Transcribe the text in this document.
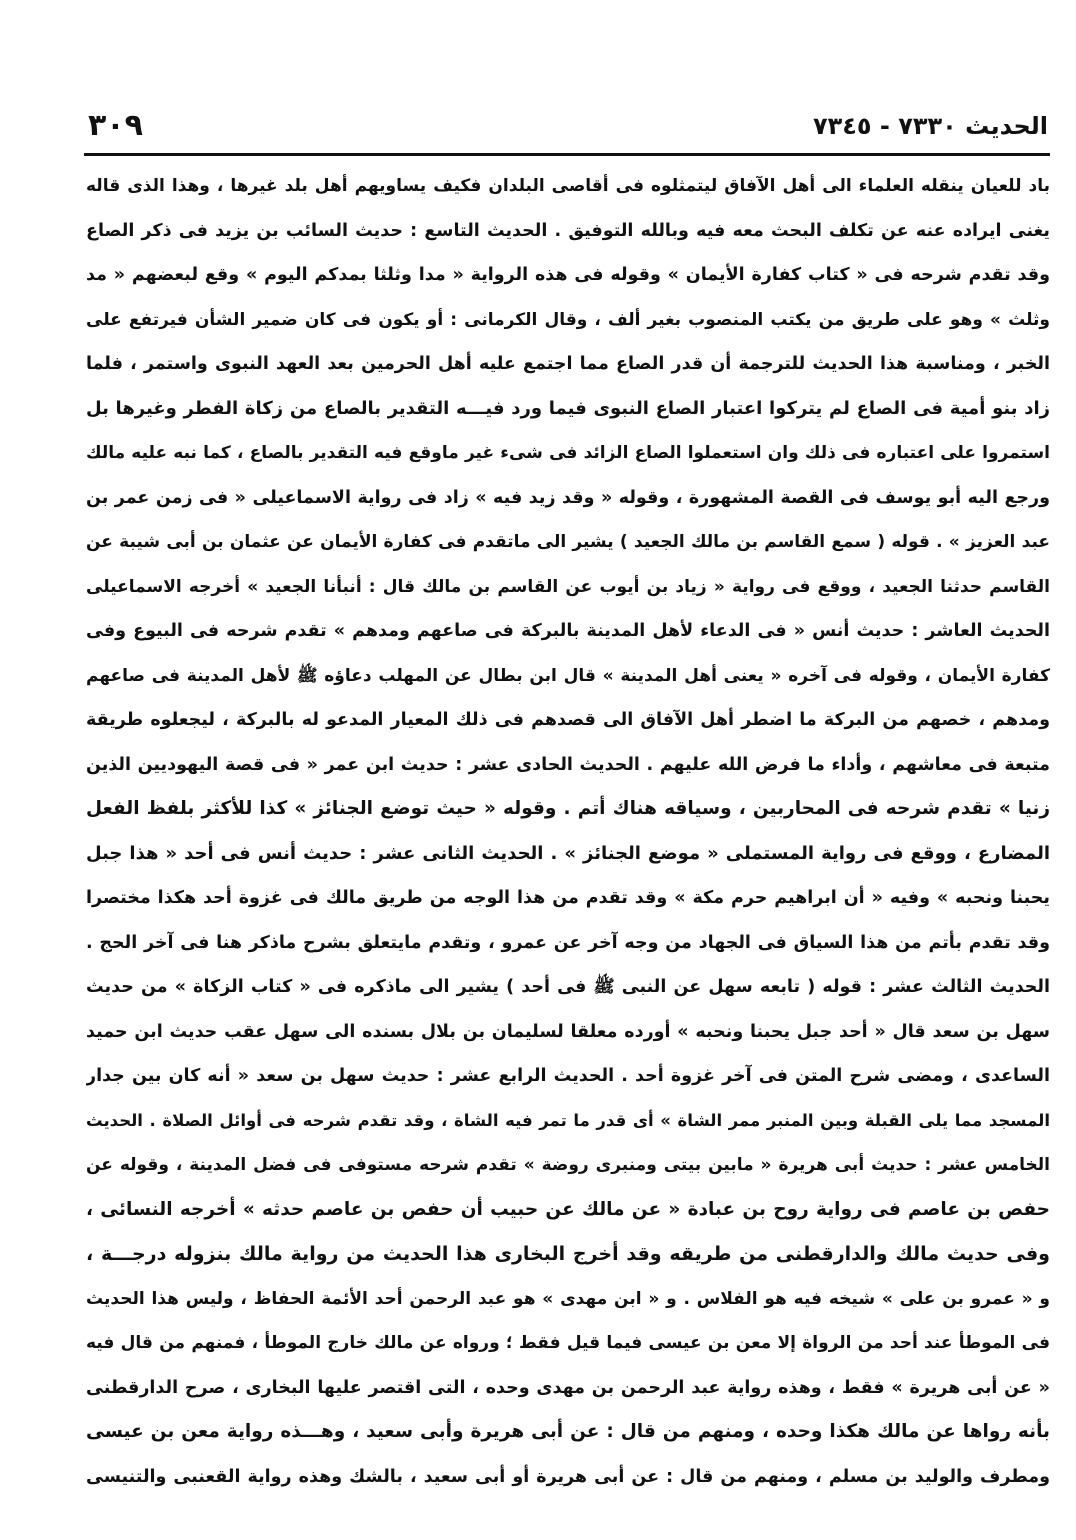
الحديث ٧٣٣٠ - ٧٣٤٥
٣٠٩
باد للعيان ينقله العلماء الى أهل الآفاق ليتمثلوه فى أقاصى البلدان فكيف يساويهم أهل بلد غيرها ، وهذا الذى قاله
يغنى ايراده عنه عن تكلف البحث معه فيه وبالله التوفيق . الحديث التاسع : حديث السائب بن يزيد فى ذكر الصاع
وقد تقدم شرحه فى « كتاب كفارة الأيمان » وقوله فى هذه الرواية « مدا وثلثا بمدكم اليوم » وقع لبعضهم « مد
وثلث » وهو على طريق من يكتب المنصوب بغير ألف ، وقال الكرمانى : أو يكون فى كان ضمير الشأن فيرتفع على
الخبر ، ومناسبة هذا الحديث للترجمة أن قدر الصاع مما اجتمع عليه أهل الحرمين بعد العهد النبوى واستمر ، فلما
زاد بنو أمية فى الصاع لم يتركوا اعتبار الصاع النبوى فيما ورد فيـــه التقدير بالصاع من زكاة الفطر وغيرها بل
استمروا على اعتباره فى ذلك وان استعملوا الصاع الزائد فى شىء غير ماوقع فيه التقدير بالصاع ، كما نبه عليه مالك
ورجع اليه أبو يوسف فى القصة المشهورة ، وقوله « وقد زيد فيه » زاد فى رواية الاسماعيلى « فى زمن عمر بن
عبد العزيز » . قوله ( سمع القاسم بن مالك الجعيد ) يشير الى ماتقدم فى كفارة الأيمان عن عثمان بن أبى شيبة عن
القاسم حدثنا الجعيد ، ووقع فى رواية « زياد بن أيوب عن القاسم بن مالك قال : أنبأنا الجعيد » أخرجه الاسماعيلى
الحديث العاشر : حديث أنس « فى الدعاء لأهل المدينة بالبركة فى صاعهم ومدهم » تقدم شرحه فى البيوع وفى
كفارة الأيمان ، وقوله فى آخره « يعنى أهل المدينة » قال ابن بطال عن المهلب دعاؤه ﷺ لأهل المدينة فى صاعهم
ومدهم ، خصهم من البركة ما اضطر أهل الآفاق الى قصدهم فى ذلك المعيار المدعو له بالبركة ، ليجعلوه طريقة
متبعة فى معاشهم ، وأداء ما فرض الله عليهم . الحديث الحادى عشر : حديث ابن عمر « فى قصة اليهوديين الذين
زنيا » تقدم شرحه فى المحاربين ، وسياقه هناك أتم . وقوله « حيث توضع الجنائز » كذا للأكثر بلفظ الفعل
المضارع ، ووقع فى رواية المستملى « موضع الجنائز » . الحديث الثانى عشر : حديث أنس فى أحد « هذا جبل
يحبنا ونحبه » وفيه « أن ابراهيم حرم مكة » وقد تقدم من هذا الوجه من طريق مالك فى غزوة أحد هكذا مختصرا
وقد تقدم بأتم من هذا السياق فى الجهاد من وجه آخر عن عمرو ، وتقدم مايتعلق بشرح ماذكر هنا فى آخر الحج .
الحديث الثالث عشر : قوله ( تابعه سهل عن النبى ﷺ فى أحد ) يشير الى ماذكره فى « كتاب الزكاة » من حديث
سهل بن سعد قال « أحد جبل يحبنا ونحبه » أورده معلقا لسليمان بن بلال بسنده الى سهل عقب حديث ابن حميد
الساعدى ، ومضى شرح المتن فى آخر غزوة أحد . الحديث الرابع عشر : حديث سهل بن سعد « أنه كان بين جدار
المسجد مما يلى القبلة وبين المنبر ممر الشاة » أى قدر ما تمر فيه الشاة ، وقد تقدم شرحه فى أوائل الصلاة . الحديث
الخامس عشر : حديث أبى هريرة « مابين بيتى ومنبرى روضة » تقدم شرحه مستوفى فى فضل المدينة ، وقوله عن
حفص بن عاصم فى رواية روح بن عبادة « عن مالك عن حبيب أن حفص بن عاصم حدثه » أخرجه النسائى ،
وفى حديث مالك والدارقطنى من طريقه وقد أخرج البخارى هذا الحديث من رواية مالك بنزوله درجـــة ،
و « عمرو بن على » شيخه فيه هو الفلاس . و « ابن مهدى » هو عبد الرحمن أحد الأئمة الحفاظ ، وليس هذا الحديث
فى الموطأ عند أحد من الرواة إلا معن بن عيسى فيما قيل فقط ؛ ورواه عن مالك خارج الموطأ ، فمنهم من قال فيه
« عن أبى هريرة » فقط ، وهذه رواية عبد الرحمن بن مهدى وحده ، التى اقتصر عليها البخارى ، صرح الدارقطنى
بأنه رواها عن مالك هكذا وحده ، ومنهم من قال : عن أبى هريرة وأبى سعيد ، وهـــذه رواية معن بن عيسى
ومطرف والوليد بن مسلم ، ومنهم من قال : عن أبى هريرة أو أبى سعيد ، بالشك وهذه رواية القعنبى والتنيسى
